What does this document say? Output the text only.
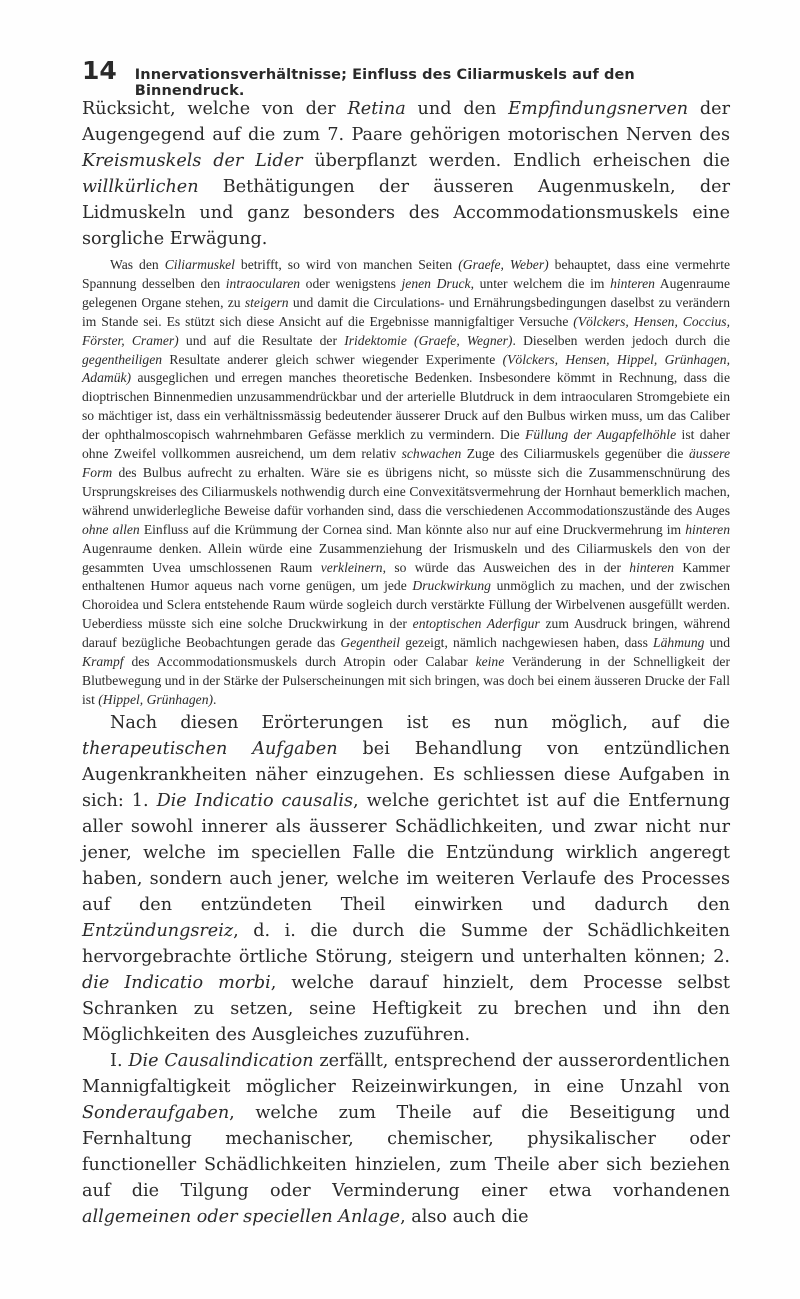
14 Innervationsverhältnisse; Einfluss des Ciliarmuskels auf den Binnendruck.

Rücksicht, welche von der Retina und den Empfindungsnerven der Augengegend auf die zum 7. Paare gehörigen motorischen Nerven des Kreismuskels der Lider überpflanzt werden. Endlich erheischen die willkürlichen Bethätigungen der äusseren Augenmuskeln, der Lidmuskeln und ganz besonders des Accommodationsmuskels eine sorgliche Erwägung.

Was den Ciliarmuskel betrifft, so wird von manchen Seiten (Graefe, Weber) behauptet, dass eine vermehrte Spannung desselben den intraocularen oder wenigstens jenen Druck, unter welchem die im hinteren Augenraume gelegenen Organe stehen, zu steigern und damit die Circulations- und Ernährungsbedingungen daselbst zu verändern im Stande sei. Es stützt sich diese Ansicht auf die Ergebnisse mannigfaltiger Versuche (Völckers, Hensen, Coccius, Förster, Cramer) und auf die Resultate der Iridektomie (Graefe, Wegner). Dieselben werden jedoch durch die gegentheiligen Resultate anderer gleich schwer wiegender Experimente (Völckers, Hensen, Hippel, Grünhagen, Adamük) ausgeglichen und erregen manches theoretische Bedenken. Insbesondere kömmt in Rechnung, dass die dioptrischen Binnenmedien unzusammendrückbar und der arterielle Blutdruck in dem intraocularen Stromgebiete ein so mächtiger ist, dass ein verhältnissmässig bedeutender äusserer Druck auf den Bulbus wirken muss, um das Caliber der ophthalmoscopisch wahrnehmbaren Gefässe merklich zu vermindern. Die Füllung der Augapfelhöhle ist daher ohne Zweifel vollkommen ausreichend, um dem relativ schwachen Zuge des Ciliarmuskels gegenüber die äussere Form des Bulbus aufrecht zu erhalten. Wäre sie es übrigens nicht, so müsste sich die Zusammenschnürung des Ursprungskreises des Ciliarmuskels nothwendig durch eine Convexitätsvermehrung der Hornhaut bemerklich machen, während unwiderlegliche Beweise dafür vorhanden sind, dass die verschiedenen Accommodationszustände des Auges ohne allen Einfluss auf die Krümmung der Cornea sind. Man könnte also nur auf eine Druckvermehrung im hinteren Augenraume denken. Allein würde eine Zusammenziehung der Irismuskeln und des Ciliarmuskels den von der gesammten Uvea umschlossenen Raum verkleinern, so würde das Ausweichen des in der hinteren Kammer enthaltenen Humor aqueus nach vorne genügen, um jede Druckwirkung unmöglich zu machen, und der zwischen Choroidea und Sclera entstehende Raum würde sogleich durch verstärkte Füllung der Wirbelvenen ausgefüllt werden. Ueberdiess müsste sich eine solche Druckwirkung in der entoptischen Aderfigur zum Ausdruck bringen, während darauf bezügliche Beobachtungen gerade das Gegentheil gezeigt, nämlich nachgewiesen haben, dass Lähmung und Krampf des Accommodationsmuskels durch Atropin oder Calabar keine Veränderung in der Schnelligkeit der Blutbewegung und in der Stärke der Pulserscheinungen mit sich bringen, was doch bei einem äusseren Drucke der Fall ist (Hippel, Grünhagen).

Nach diesen Erörterungen ist es nun möglich, auf die therapeutischen Aufgaben bei Behandlung von entzündlichen Augenkrankheiten näher einzugehen. Es schliessen diese Aufgaben in sich: 1. Die Indicatio causalis, welche gerichtet ist auf die Entfernung aller sowohl innerer als äusserer Schädlichkeiten, und zwar nicht nur jener, welche im speciellen Falle die Entzündung wirklich angeregt haben, sondern auch jener, welche im weiteren Verlaufe des Processes auf den entzündeten Theil einwirken und dadurch den Entzündungsreiz, d. i. die durch die Summe der Schädlichkeiten hervorgebrachte örtliche Störung, steigern und unterhalten können; 2. die Indicatio morbi, welche darauf hinzielt, dem Processe selbst Schranken zu setzen, seine Heftigkeit zu brechen und ihn den Möglichkeiten des Ausgleiches zuzuführen.

I. Die Causalindication zerfällt, entsprechend der ausserordentlichen Mannigfaltigkeit möglicher Reizeinwirkungen, in eine Unzahl von Sonderaufgaben, welche zum Theile auf die Beseitigung und Fernhaltung mechanischer, chemischer, physikalischer oder functioneller Schädlichkeiten hinzielen, zum Theile aber sich beziehen auf die Tilgung oder Verminderung einer etwa vorhandenen allgemeinen oder speciellen Anlage, also auch die
